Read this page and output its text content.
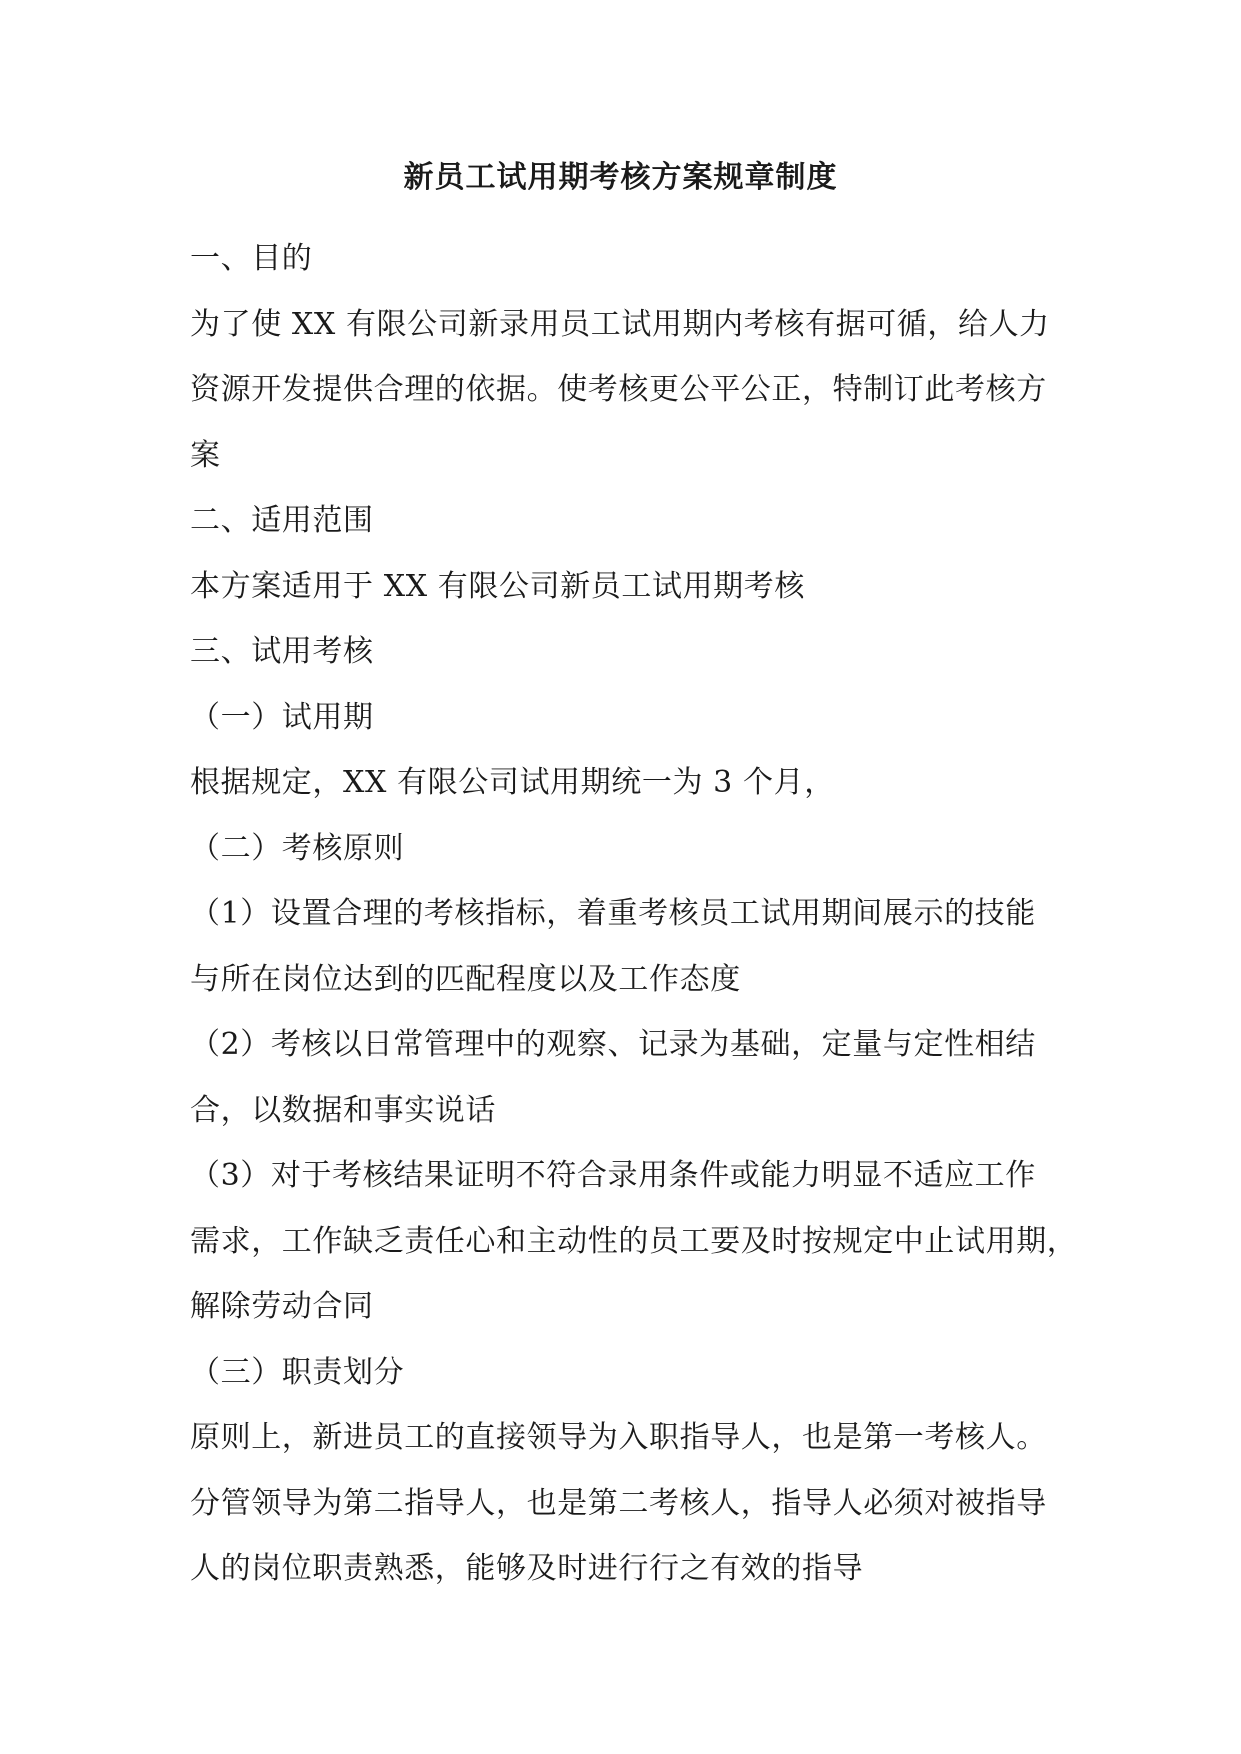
新员工试用期考核方案规章制度
一、目的
为了使 XX 有限公司新录用员工试用期内考核有据可循，给人力
资源开发提供合理的依据。使考核更公平公正，特制订此考核方
案
二、适用范围
本方案适用于 XX 有限公司新员工试用期考核
三、试用考核
（一）试用期
根据规定，XX 有限公司试用期统一为 3 个月，
（二）考核原则
（1）设置合理的考核指标，着重考核员工试用期间展示的技能
与所在岗位达到的匹配程度以及工作态度
（2）考核以日常管理中的观察、记录为基础，定量与定性相结
合，以数据和事实说话
（3）对于考核结果证明不符合录用条件或能力明显不适应工作
需求，工作缺乏责任心和主动性的员工要及时按规定中止试用期，
解除劳动合同
（三）职责划分
原则上，新进员工的直接领导为入职指导人，也是第一考核人。
分管领导为第二指导人，也是第二考核人，指导人必须对被指导
人的岗位职责熟悉，能够及时进行行之有效的指导
